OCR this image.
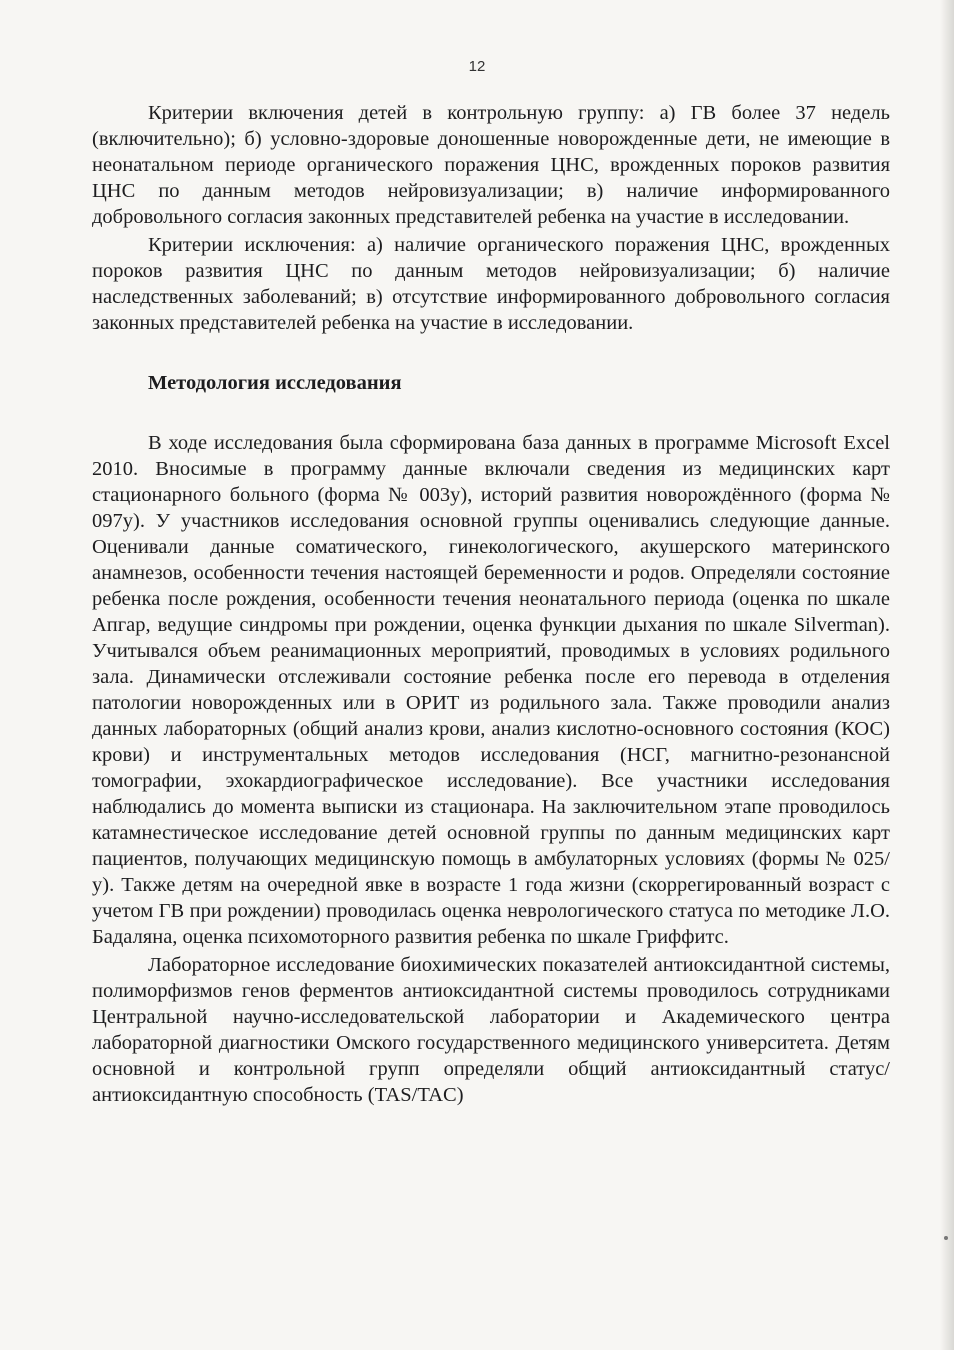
12

Критерии включения детей в контрольную группу: а) ГВ более 37 недель (включительно); б) условно-здоровые доношенные новорожденные дети, не имеющие в неонатальном периоде органического поражения ЦНС, врожденных пороков развития ЦНС по данным методов нейровизуализации; в) наличие информированного добровольного согласия законных представителей ребенка на участие в исследовании.

Критерии исключения: а) наличие органического поражения ЦНС, врожденных пороков развития ЦНС по данным методов нейровизуализации; б) наличие наследственных заболеваний; в) отсутствие информированного добровольного согласия законных представителей ребенка на участие в исследовании.

Методология исследования

В ходе исследования была сформирована база данных в программе Microsoft Excel 2010. Вносимые в программу данные включали сведения из медицинских карт стационарного больного (форма № 003у), историй развития новорождённого (форма № 097у). У участников исследования основной группы оценивались следующие данные. Оценивали данные соматического, гинекологического, акушерского материнского анамнезов, особенности течения настоящей беременности и родов. Определяли состояние ребенка после рождения, особенности течения неонатального периода (оценка по шкале Апгар, ведущие синдромы при рождении, оценка функции дыхания по шкале Silverman). Учитывался объем реанимационных мероприятий, проводимых в условиях родильного зала. Динамически отслеживали состояние ребенка после его перевода в отделения патологии новорожденных или в ОРИТ из родильного зала. Также проводили анализ данных лабораторных (общий анализ крови, анализ кислотно-основного состояния (КОС) крови) и инструментальных методов исследования (НСГ, магнитно-резонансной томографии, эхокардиографическое исследование). Все участники исследования наблюдались до момента выписки из стационара. На заключительном этапе проводилось катамнестическое исследование детей основной группы по данным медицинских карт пациентов, получающих медицинскую помощь в амбулаторных условиях (формы № 025/у). Также детям на очередной явке в возрасте 1 года жизни (скоррегированный возраст с учетом ГВ при рождении) проводилась оценка неврологического статуса по методике Л.О. Бадаляна, оценка психомоторного развития ребенка по шкале Гриффитс.

Лабораторное исследование биохимических показателей антиоксидантной системы, полиморфизмов генов ферментов антиоксидантной системы проводилось сотрудниками Центральной научно-исследовательской лаборатории и Академического центра лабораторной диагностики Омского государственного медицинского университета. Детям основной и контрольной групп определяли общий антиоксидантный статус/антиоксидантную способность (TAS/TAC)
